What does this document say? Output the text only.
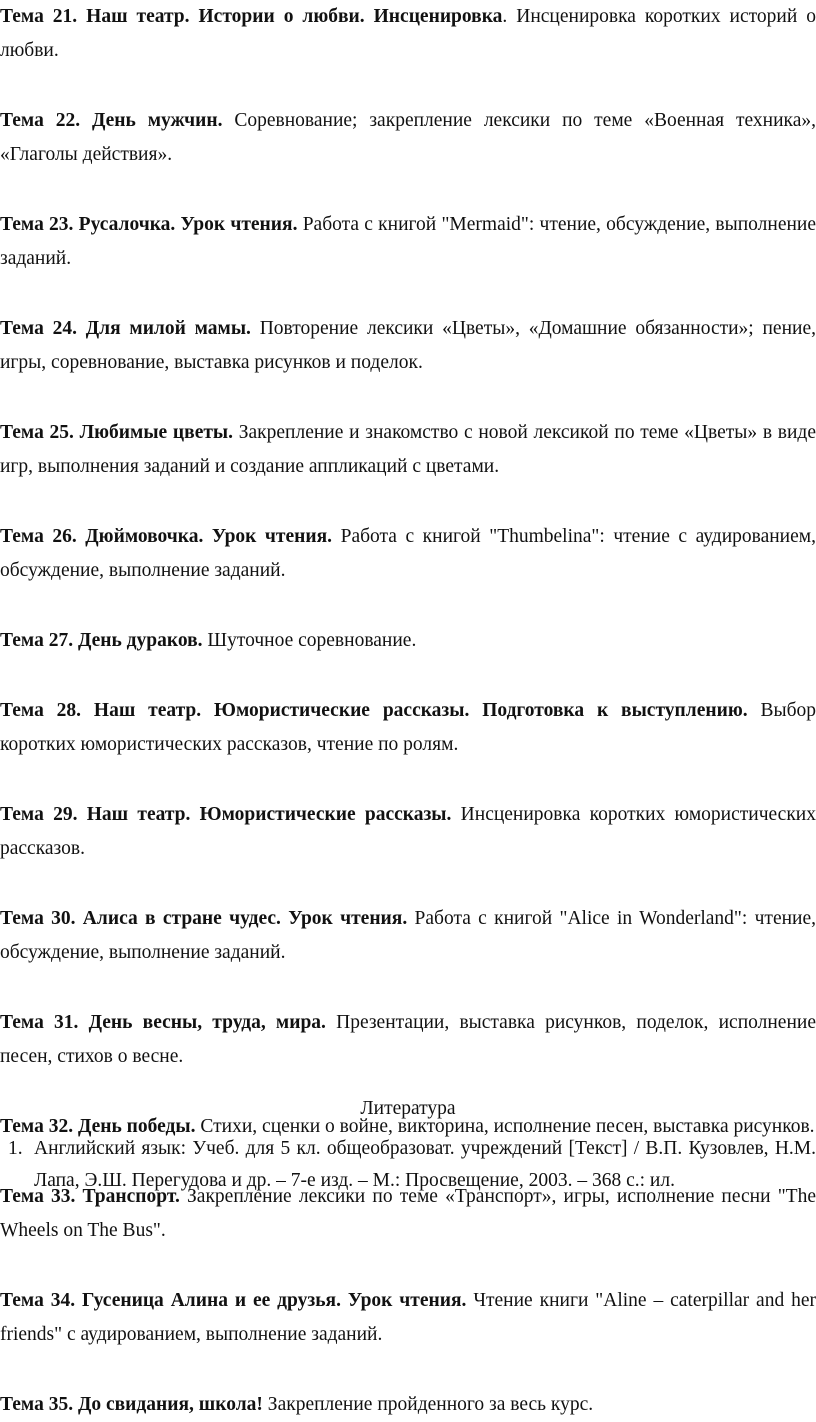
Тема 21. Наш театр. Истории о любви. Инсценировка. Инсценировка коротких историй о любви.

Тема 22. День мужчин. Соревнование; закрепление лексики по теме «Военная техника», «Глаголы действия».

Тема 23. Русалочка. Урок чтения. Работа с книгой "Mermaid": чтение, обсуждение, выполнение заданий.

Тема 24. Для милой мамы. Повторение лексики «Цветы», «Домашние обязанности»; пение, игры, соревнование, выставка рисунков и поделок.

Тема 25. Любимые цветы. Закрепление и знакомство с новой лексикой по теме «Цветы» в виде игр, выполнения заданий и создание аппликаций с цветами.

Тема 26. Дюймовочка. Урок чтения. Работа с книгой "Thumbelina": чтение с аудированием, обсуждение, выполнение заданий.

Тема 27. День дураков. Шуточное соревнование.

Тема 28. Наш театр. Юмористические рассказы. Подготовка к выступлению. Выбор коротких юмористических рассказов, чтение по ролям.

Тема 29. Наш театр. Юмористические рассказы. Инсценировка коротких юмористических рассказов.

Тема 30. Алиса в стране чудес. Урок чтения. Работа с книгой "Alice in Wonderland": чтение, обсуждение, выполнение заданий.

Тема 31. День весны, труда, мира. Презентации, выставка рисунков, поделок, исполнение песен, стихов о весне.

Тема 32. День победы. Стихи, сценки о войне, викторина, исполнение песен, выставка рисунков.

Тема 33. Транспорт. Закрепление лексики по теме «Транспорт», игры, исполнение песни "The Wheels on The Bus".

Тема 34. Гусеница Алина и ее друзья. Урок чтения. Чтение книги "Aline – caterpillar and her friends" с аудированием, выполнение заданий.

Тема 35. До свидания, школа! Закрепление пройденного за весь курс.

Литература
1. Английский язык: Учеб. для 5 кл. общеобразоват. учреждений [Текст] / В.П. Кузовлев, Н.М. Лапа, Э.Ш. Перегудова и др. – 7-е изд. – М.: Просвещение, 2003. – 368 с.: ил.
